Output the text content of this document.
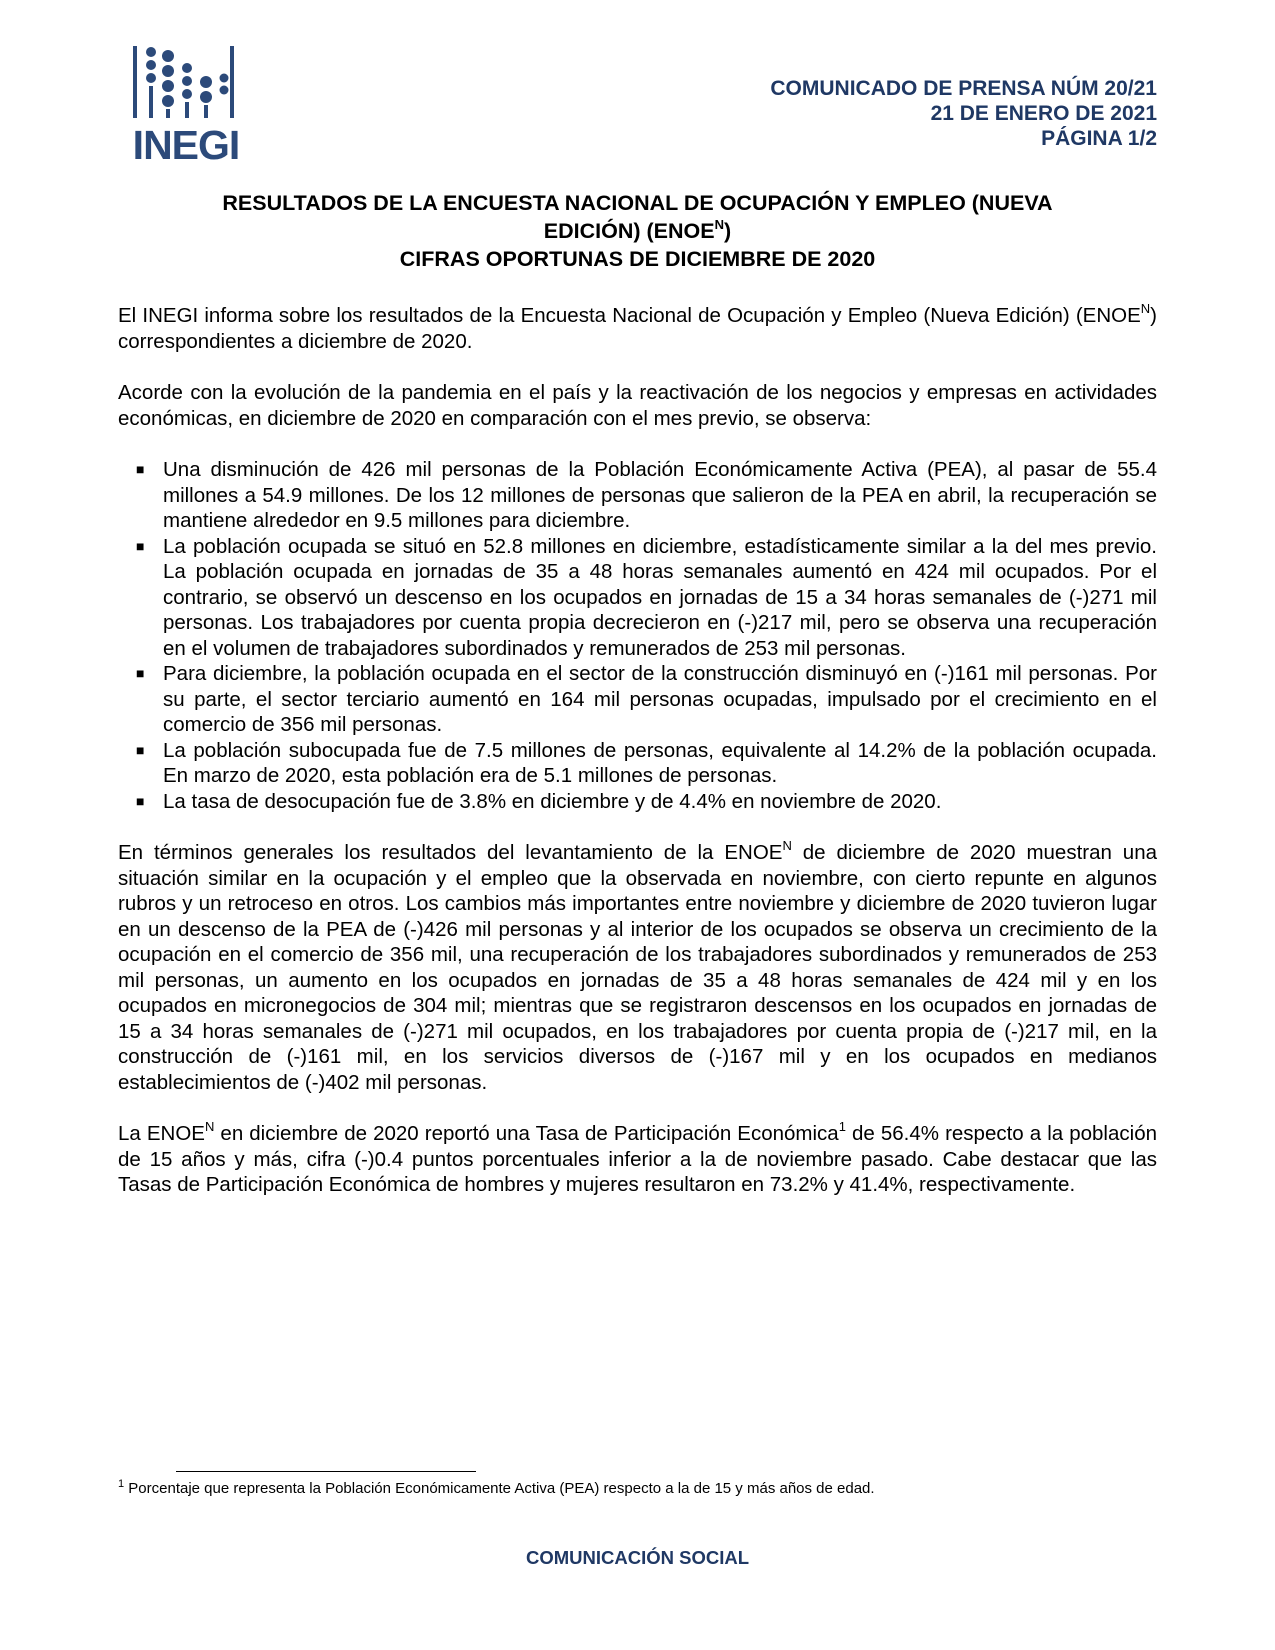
INEGI
COMUNICADO DE PRENSA NÚM 20/21
21 DE ENERO DE 2021
PÁGINA 1/2

RESULTADOS DE LA ENCUESTA NACIONAL DE OCUPACIÓN Y EMPLEO (NUEVA

EDICIÓN) $(ENOE^N)$

CIFRAS OPORTUNAS DE DICIEMBRE DE 2020

El INEGI informa sobre los resultados de la Encuesta Nacional de Ocupación y Empleo (Nueva Edición) $(ENOE^N)$ correspondientes a diciembre de 2020.

Acorde con la evolución de la pandemia en el país y la reactivación de los negocios y empresas en actividades económicas, en diciembre de 2020 en comparación con el mes previo, se observa:

■ Una disminución de 426 mil personas de la Población Económicamente Activa (PEA), al pasar de 55.4 millones a 54.9 millones. De los 12 millones de personas que salieron de la PEA en abril, la recuperación se mantiene alrededor en 9.5 millones para diciembre.
■ La población ocupada se situó en 52.8 millones en diciembre, estadísticamente similar a la del mes previo. La población ocupada en jornadas de 35 a 48 horas semanales aumentó en 424 mil ocupados. Por el contrario, se observó un descenso en los ocupados en jornadas de 15 a 34 horas semanales de (-)271 mil personas. Los trabajadores por cuenta propia decrecieron en (-)217 mil, pero se observa una recuperación en el volumen de trabajadores subordinados y remunerados de 253 mil personas.
■ Para diciembre, la población ocupada en el sector de la construcción disminuyó en (-)161 mil personas. Por su parte, el sector terciario aumentó en 164 mil personas ocupadas, impulsado por el crecimiento en el comercio de 356 mil personas.
■ La población subocupada fue de 7.5 millones de personas, equivalente al 14.2% de la población ocupada. En marzo de 2020, esta población era de 5.1 millones de personas.
■ La tasa de desocupación fue de 3.8% en diciembre y de 4.4% en noviembre de 2020.

En términos generales los resultados del levantamiento de la $ENOE^N$ de diciembre de 2020 muestran una situación similar en la ocupación y el empleo que la observada en noviembre, con cierto repunte en algunos rubros y un retroceso en otros. Los cambios más importantes entre noviembre y diciembre de 2020 tuvieron lugar en un descenso de la PEA de (-)426 mil personas y al interior de los ocupados se observa un crecimiento de la ocupación en el comercio de 356 mil, una recuperación de los trabajadores subordinados y remunerados de 253 mil personas, un aumento en los ocupados en jornadas de 35 a 48 horas semanales de 424 mil y en los ocupados en micronegocios de 304 mil; mientras que se registraron descensos en los ocupados en jornadas de 15 a 34 horas semanales de (-)271 mil ocupados, en los trabajadores por cuenta propia de (-)217 mil, en la construcción de (-)161 mil, en los servicios diversos de (-)167 mil y en los ocupados en medianos establecimientos de (-)402 mil personas.

La $ENOE^N$ en diciembre de 2020 reportó una Tasa de Participación Económica$^1$ de 56.4% respecto a la población de 15 años y más, cifra (-)0.4 puntos porcentuales inferior a la de noviembre pasado. Cabe destacar que las Tasas de Participación Económica de hombres y mujeres resultaron en 73.2% y 41.4%, respectivamente.

$^1$ Porcentaje que representa la Población Económicamente Activa (PEA) respecto a la de 15 y más años de edad.
COMUNICACIÓN SOCIAL
